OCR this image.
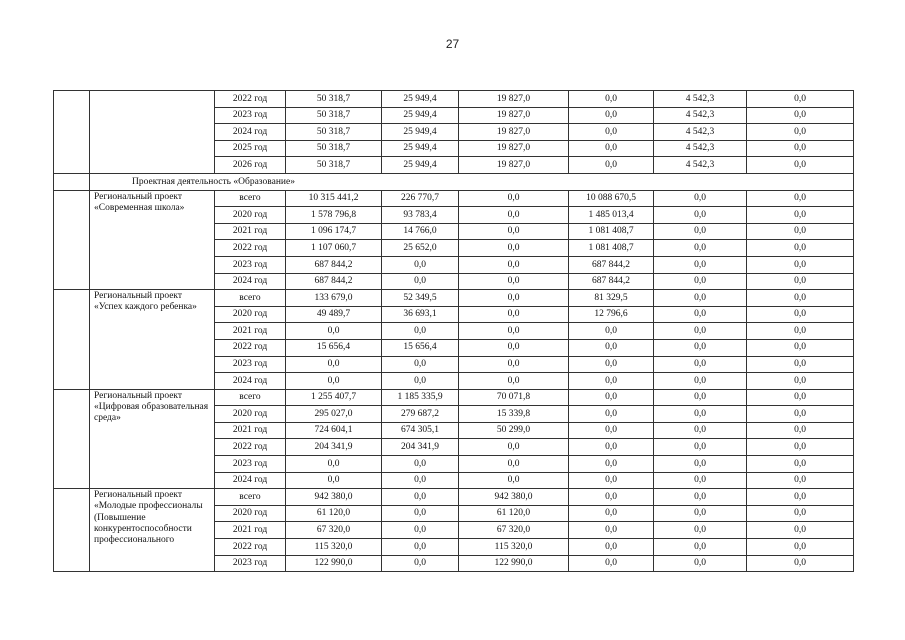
27
		2022 год	50 318,7	25 949,4	19 827,0	0,0	4 542,3	0,0
		2023 год	50 318,7	25 949,4	19 827,0	0,0	4 542,3	0,0
		2024 год	50 318,7	25 949,4	19 827,0	0,0	4 542,3	0,0
		2025 год	50 318,7	25 949,4	19 827,0	0,0	4 542,3	0,0
		2026 год	50 318,7	25 949,4	19 827,0	0,0	4 542,3	0,0
	Проектная деятельность «Образование»							
	Региональный проект «Современная школа»	всего	10 315 441,2	226 770,7	0,0	10 088 670,5	0,0	0,0
		2020 год	1 578 796,8	93 783,4	0,0	1 485 013,4	0,0	0,0
		2021 год	1 096 174,7	14 766,0	0,0	1 081 408,7	0,0	0,0
		2022 год	1 107 060,7	25 652,0	0,0	1 081 408,7	0,0	0,0
		2023 год	687 844,2	0,0	0,0	687 844,2	0,0	0,0
		2024 год	687 844,2	0,0	0,0	687 844,2	0,0	0,0
	Региональный проект «Успех каждого ребенка»	всего	133 679,0	52 349,5	0,0	81 329,5	0,0	0,0
		2020 год	49 489,7	36 693,1	0,0	12 796,6	0,0	0,0
		2021 год	0,0	0,0	0,0	0,0	0,0	0,0
		2022 год	15 656,4	15 656,4	0,0	0,0	0,0	0,0
		2023 год	0,0	0,0	0,0	0,0	0,0	0,0
		2024 год	0,0	0,0	0,0	0,0	0,0	0,0
	Региональный проект «Цифровая образовательная среда»	всего	1 255 407,7	1 185 335,9	70 071,8	0,0	0,0	0,0
		2020 год	295 027,0	279 687,2	15 339,8	0,0	0,0	0,0
		2021 год	724 604,1	674 305,1	50 299,0	0,0	0,0	0,0
		2022 год	204 341,9	204 341,9	0,0	0,0	0,0	0,0
		2023 год	0,0	0,0	0,0	0,0	0,0	0,0
		2024 год	0,0	0,0	0,0	0,0	0,0	0,0
	Региональный проект «Молодые профессионалы (Повышение конкурентоспособности профессионального	всего	942 380,0	0,0	942 380,0	0,0	0,0	0,0
		2020 год	61 120,0	0,0	61 120,0	0,0	0,0	0,0
		2021 год	67 320,0	0,0	67 320,0	0,0	0,0	0,0
		2022 год	115 320,0	0,0	115 320,0	0,0	0,0	0,0
		2023 год	122 990,0	0,0	122 990,0	0,0	0,0	0,0
